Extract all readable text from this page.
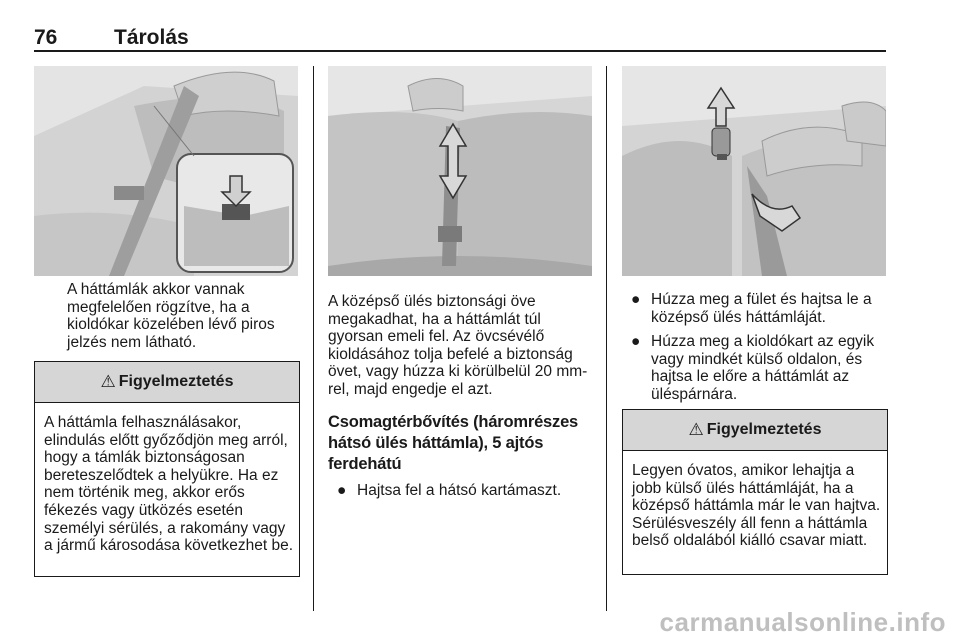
76	Tárolás

A háttámlák akkor vannak megfelelően rögzítve, ha a kioldókar közelében lévő piros jelzés nem látható.

⚠ Figyelmeztetés
A háttámla felhasználásakor, elindulás előtt győződjön meg arról, hogy a támlák biztonságosan bereteszelődtek a helyükre. Ha ez nem történik meg, akkor erős fékezés vagy ütközés esetén személyi sérülés, a rakomány vagy a jármű károsodása következhet be.

A középső ülés biztonsági öve megakadhat, ha a háttámlát túl gyorsan emeli fel. Az övcsévélő kioldásához tolja befelé a biztonság övet, vagy húzza ki körülbelül 20 mm-rel, majd engedje el azt.

Csomagtérbővítés (háromrészes hátsó ülés háttámla), 5 ajtós ferdehátú
● Hajtsa fel a hátsó kartámaszt.
● Húzza meg a fület és hajtsa le a középső ülés háttámláját.
● Húzza meg a kioldókart az egyik vagy mindkét külső oldalon, és hajtsa le előre a háttámlát az üléspárnára.
⚠ Figyelmeztetés
Legyen óvatos, amikor lehajtja a jobb külső ülés háttámláját, ha a középső háttámla már le van hajtva. Sérülésveszély áll fenn a háttámla belső oldalából kiálló csavar miatt.
carmanualsonline.info
